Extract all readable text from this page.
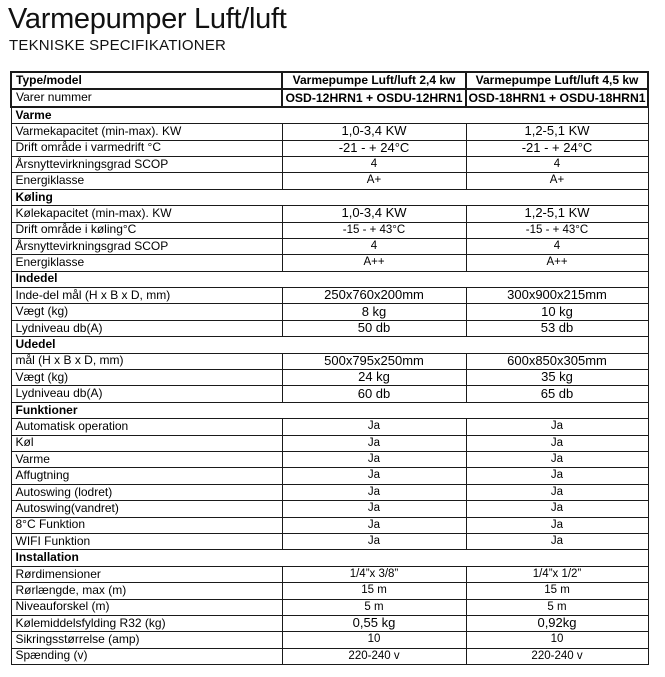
Varmepumper Luft/luft
TEKNISKE SPECIFIKATIONER
Type/model	Varmepumpe Luft/luft 2,4 kw	Varmepumpe Luft/luft 4,5 kw
Varer nummer	OSD-12HRN1 + OSDU-12HRN1	OSD-18HRN1 + OSDU-18HRN1
Varme		
Varmekapacitet (min-max). KW	1,0-3,4 KW	1,2-5,1 KW
Drift område i varmedrift °C	-21 - + 24°C	-21 - + 24°C
Årsnyttevirkningsgrad SCOP	4	4
Energiklasse	A+	A+
Køling		
Kølekapacitet (min-max). KW	1,0-3,4 KW	1,2-5,1 KW
Drift område i køling°C	-15 - + 43°C	-15 - + 43°C
Årsnyttevirkningsgrad SCOP	4	4
Energiklasse	A++	A++
Indedel		
Inde-del mål (H x B x D, mm)	250x760x200mm	300x900x215mm
Vægt (kg)	8 kg	10 kg
Lydniveau db(A)	50 db	53 db
Udedel		
mål (H x B x D, mm)	500x795x250mm	600x850x305mm
Vægt (kg)	24 kg	35 kg
Lydniveau db(A)	60 db	65 db
Funktioner		
Automatisk operation	Ja	Ja
Køl	Ja	Ja
Varme	Ja	Ja
Affugtning	Ja	Ja
Autoswing (lodret)	Ja	Ja
Autoswing(vandret)	Ja	Ja
8°C Funktion	Ja	Ja
WIFI Funktion	Ja	Ja
Installation		
Rørdimensioner	1/4”x 3/8”	1/4”x 1/2”
Rørlængde, max (m)	15 m	15 m
Niveauforskel (m)	5 m	5 m
Kølemiddelsfylding R32 (kg)	0,55 kg	0,92kg
Sikringsstørrelse (amp)	10	10
Spænding (v)	220-240 v	220-240 v
